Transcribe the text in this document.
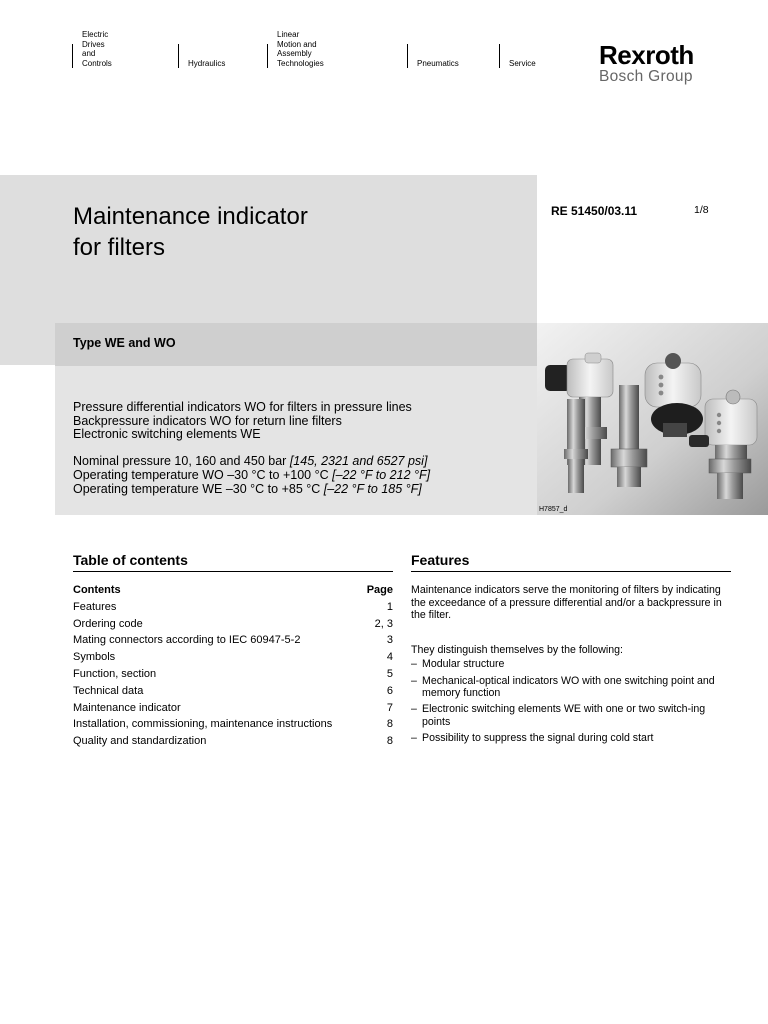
Electric Drives
and Controls	Hydraulics
Linear Motion and
Assembly Technologies	Pneumatics	Service Rexroth
Bosch Group
Maintenance indicator
for filters
RE 51450/03.11	1/8
Type WE and WO

Pressure differential indicators WO for filters in pressure lines

Backpressure indicators WO for return line filters

Electronic switching elements WE

Nominal pressure 10, 160 and 450 bar [145, 2321 and 6527 psi]

Operating temperature WO –30 °C to +100 °C [–22 °F to 212 °F]

Operating temperature WE –30 °C to +85 °C [–22 °F to 185 °F]

H7857_d
Table of contents
Contents	Page
Features	1
Ordering code	2, 3
Mating connectors according to IEC 60947-5-2	3
Symbols	4
Function, section	5
Technical data	6
Maintenance indicator	7
Installation, commissioning, maintenance instructions	8
Quality and standardization	8
Features

Maintenance indicators serve the monitoring of filters by indicating the exceedance of a pressure differential and/or a backpressure in the filter.

They distinguish themselves by the following:

– Modular structure
– Mechanical-optical indicators WO with one switching point and memory function
– Electronic switching elements WE with one or two switch-ing points
– Possibility to suppress the signal during cold start
